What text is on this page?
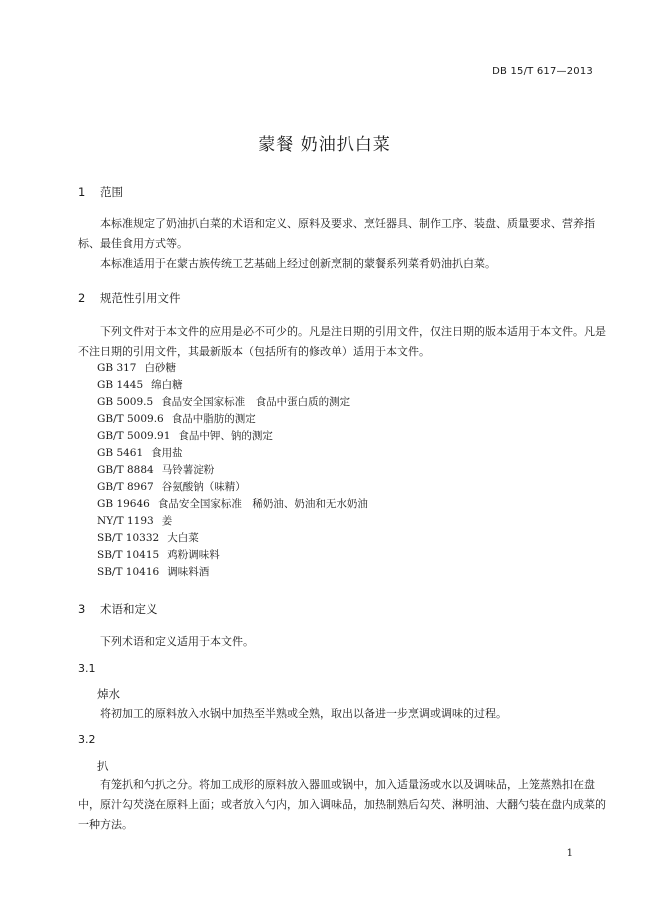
DB 15/T 617—2013
蒙餐 奶油扒白菜
1 范围
本标准规定了奶油扒白菜的术语和定义、原料及要求、烹饪器具、制作工序、装盘、质量要求、营养指标、最佳食用方式等。
本标准适用于在蒙古族传统工艺基础上经过创新烹制的蒙餐系列菜肴奶油扒白菜。
2 规范性引用文件
下列文件对于本文件的应用是必不可少的。凡是注日期的引用文件，仅注日期的版本适用于本文件。凡是不注日期的引用文件，其最新版本（包括所有的修改单）适用于本文件。
GB 317 白砂糖
GB 1445 绵白糖
GB 5009.5 食品安全国家标准　食品中蛋白质的测定
GB/T 5009.6 食品中脂肪的测定
GB/T 5009.91 食品中钾、钠的测定
GB 5461 食用盐
GB/T 8884 马铃薯淀粉
GB/T 8967 谷氨酸钠（味精）
GB 19646 食品安全国家标准　稀奶油、奶油和无水奶油
NY/T 1193 姜
SB/T 10332 大白菜
SB/T 10415 鸡粉调味料
SB/T 10416 调味料酒
3 术语和定义
下列术语和定义适用于本文件。
3.1
焯水
将初加工的原料放入水锅中加热至半熟或全熟，取出以备进一步烹调或调味的过程。
3.2
扒
有笼扒和勺扒之分。将加工成形的原料放入器皿或锅中，加入适量汤或水以及调味品，上笼蒸熟扣在盘中，原汁勾芡浇在原料上面；或者放入勺内，加入调味品，加热制熟后勾芡、淋明油、大翻勺装在盘内成菜的一种方法。
1
